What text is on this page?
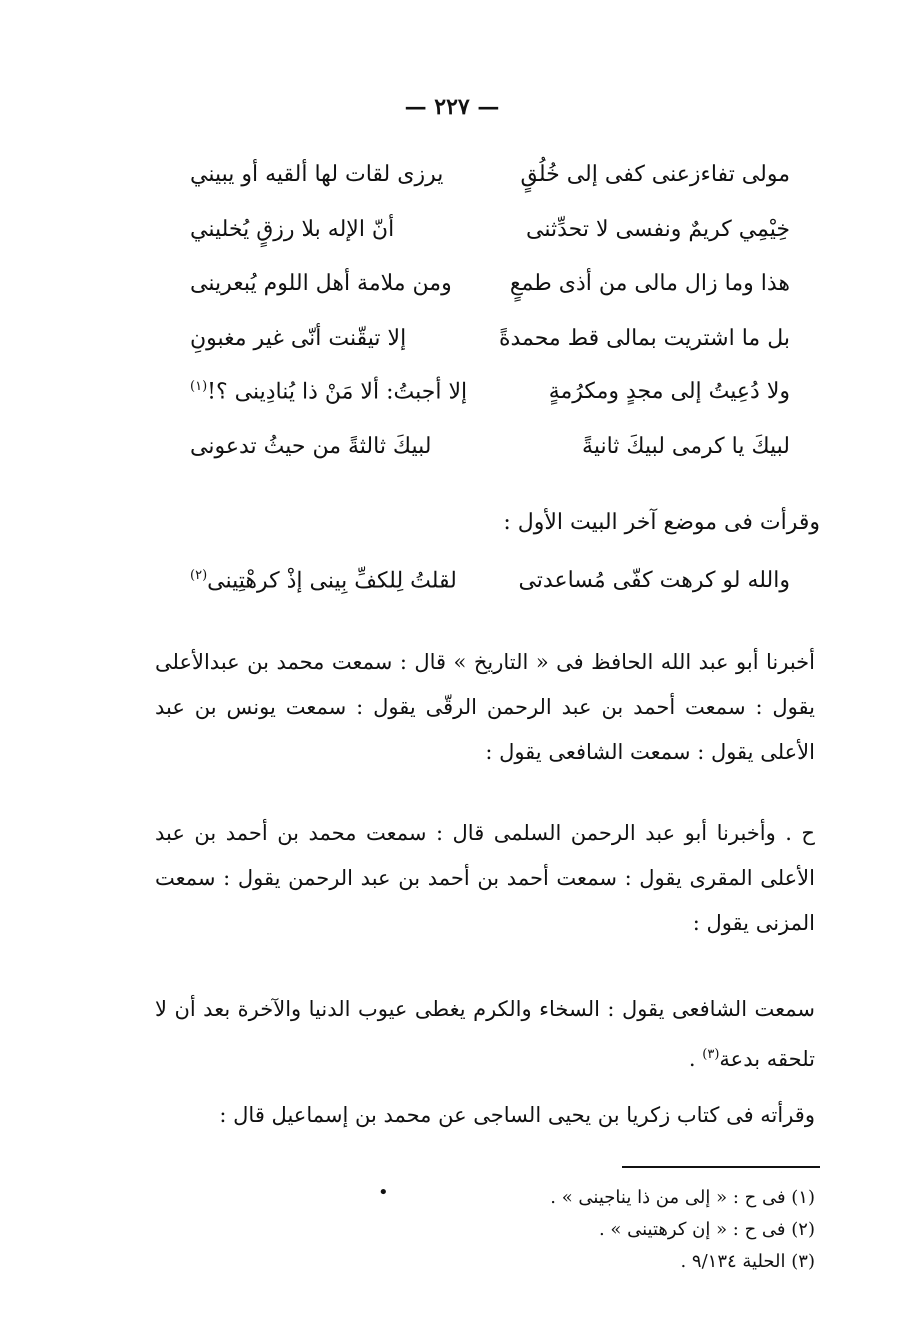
— ٢٢٧ —
مولى تفاءزعنى كفى إلى خُلُقٍ
يرزى لقات لها ألقيه أو يبيني
خِيْمِي كريمٌ ونفسى لا تحدِّثنى
أنّ الإله بلا رزقٍ يُخليني
هذا وما زال مالى من أذى طمعٍ
ومن ملامة أهل اللوم يُبعرينى
بل ما اشتريت بمالى قط محمدةً
إلا تيقّنت أنّى غير مغبونِ
ولا دُعِيتُ إلى مجدٍ ومكرُمةٍ
إلا أجبتُ: ألا مَنْ ذا يُنادِينى ؟!$^{(١)}$
لبيكَ يا كرمى لبيكَ ثانيةً
لبيكَ ثالثةً من حيثُ تدعونى
وقرأت فى موضع آخر البيت الأول :
والله لو كرهت كفّى مُساعدتى
لقلتُ لِلكفِّ بِينى إذْ كرهْتِينى$^{(٢)}$
أخبرنا أبو عبد الله الحافظ فى « التاريخ » قال : سمعت محمد بن عبدالأعلى يقول : سمعت أحمد بن عبد الرحمن الرقّى يقول : سمعت يونس بن عبد الأعلى يقول : سمعت الشافعى يقول :
ح . وأخبرنا أبو عبد الرحمن السلمى قال : سمعت محمد بن أحمد بن عبد الأعلى المقرى يقول : سمعت أحمد بن أحمد بن عبد الرحمن يقول : سمعت المزنى يقول :
سمعت الشافعى يقول : السخاء والكرم يغطى عيوب الدنيا والآخرة بعد أن لا تلحقه بدعة$^{(٣)}$ .
وقرأته فى كتاب زكريا بن يحيى الساجى عن محمد بن إسماعيل قال :
•	(١) فى ح : « إلى من ذا يناجينى » .
(٢) فى ح : « إن كرهتينى » .
(٣) الحلية ٩/١٣٤ .
